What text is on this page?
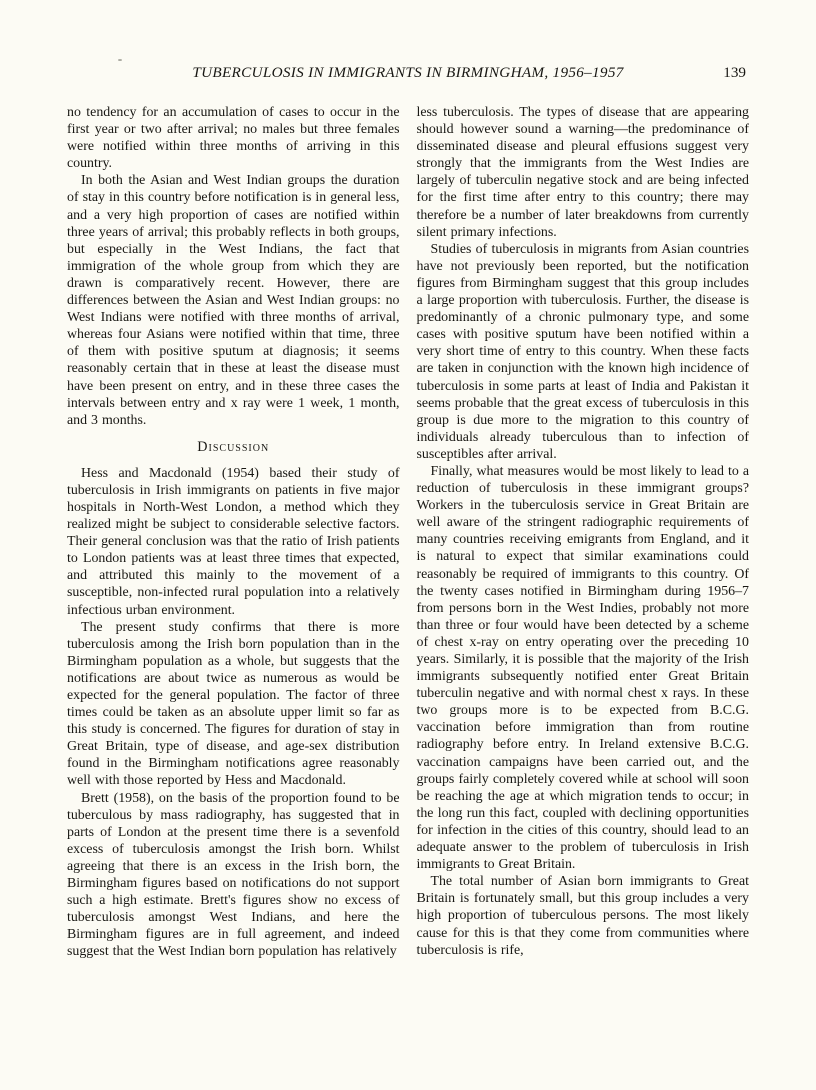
TUBERCULOSIS IN IMMIGRANTS IN BIRMINGHAM, 1956–1957	139

no tendency for an accumulation of cases to occur in the first year or two after arrival; no males but three females were notified within three months of arriving in this country.

In both the Asian and West Indian groups the duration of stay in this country before notification is in general less, and a very high proportion of cases are notified within three years of arrival; this probably reflects in both groups, but especially in the West Indians, the fact that immigration of the whole group from which they are drawn is comparatively recent. However, there are differences between the Asian and West Indian groups: no West Indians were notified with three months of arrival, whereas four Asians were notified within that time, three of them with positive sputum at diagnosis; it seems reasonably certain that in these at least the disease must have been present on entry, and in these three cases the intervals between entry and x ray were 1 week, 1 month, and 3 months.

Discussion

Hess and Macdonald (1954) based their study of tuberculosis in Irish immigrants on patients in five major hospitals in North-West London, a method which they realized might be subject to considerable selective factors. Their general conclusion was that the ratio of Irish patients to London patients was at least three times that expected, and attributed this mainly to the movement of a susceptible, non-infected rural population into a relatively infectious urban environment.

The present study confirms that there is more tuberculosis among the Irish born population than in the Birmingham population as a whole, but suggests that the notifications are about twice as numerous as would be expected for the general population. The factor of three times could be taken as an absolute upper limit so far as this study is concerned. The figures for duration of stay in Great Britain, type of disease, and age-sex distribution found in the Birmingham notifications agree reasonably well with those reported by Hess and Macdonald.

Brett (1958), on the basis of the proportion found to be tuberculous by mass radiography, has suggested that in parts of London at the present time there is a sevenfold excess of tuberculosis amongst the Irish born. Whilst agreeing that there is an excess in the Irish born, the Birmingham figures based on notifications do not support such a high estimate. Brett's figures show no excess of tuberculosis amongst West Indians, and here the Birmingham figures are in full agreement, and indeed suggest that the West Indian born population has relatively

less tuberculosis. The types of disease that are appearing should however sound a warning—the predominance of disseminated disease and pleural effusions suggest very strongly that the immigrants from the West Indies are largely of tuberculin negative stock and are being infected for the first time after entry to this country; there may therefore be a number of later breakdowns from currently silent primary infections.

Studies of tuberculosis in migrants from Asian countries have not previously been reported, but the notification figures from Birmingham suggest that this group includes a large proportion with tuberculosis. Further, the disease is predominantly of a chronic pulmonary type, and some cases with positive sputum have been notified within a very short time of entry to this country. When these facts are taken in conjunction with the known high incidence of tuberculosis in some parts at least of India and Pakistan it seems probable that the great excess of tuberculosis in this group is due more to the migration to this country of individuals already tuberculous than to infection of susceptibles after arrival.

Finally, what measures would be most likely to lead to a reduction of tuberculosis in these immigrant groups? Workers in the tuberculosis service in Great Britain are well aware of the stringent radiographic requirements of many countries receiving emigrants from England, and it is natural to expect that similar examinations could reasonably be required of immigrants to this country. Of the twenty cases notified in Birmingham during 1956–7 from persons born in the West Indies, probably not more than three or four would have been detected by a scheme of chest x-ray on entry operating over the preceding 10 years. Similarly, it is possible that the majority of the Irish immigrants subsequently notified enter Great Britain tuberculin negative and with normal chest x rays. In these two groups more is to be expected from B.C.G. vaccination before immigration than from routine radiography before entry. In Ireland extensive B.C.G. vaccination campaigns have been carried out, and the groups fairly completely covered while at school will soon be reaching the age at which migration tends to occur; in the long run this fact, coupled with declining opportunities for infection in the cities of this country, should lead to an adequate answer to the problem of tuberculosis in Irish immigrants to Great Britain.

The total number of Asian born immigrants to Great Britain is fortunately small, but this group includes a very high proportion of tuberculous persons. The most likely cause for this is that they come from communities where tuberculosis is rife,
